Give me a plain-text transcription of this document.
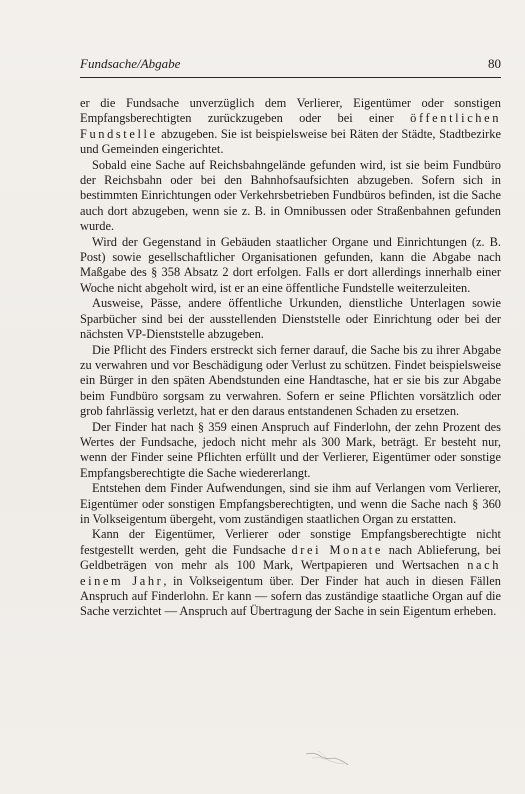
Fundsache/Abgabe	80

er die Fundsache unverzüglich dem Verlierer, Eigentümer oder sonstigen Empfangsberechtigten zurückzugeben oder bei einer öffentlichen Fundstelle abzugeben. Sie ist beispielsweise bei Räten der Städte, Stadtbezirke und Gemeinden eingerichtet.

Sobald eine Sache auf Reichsbahngelände gefunden wird, ist sie beim Fundbüro der Reichsbahn oder bei den Bahnhofsaufsichten abzugeben. Sofern sich in bestimmten Einrichtungen oder Verkehrsbetrieben Fundbüros befinden, ist die Sache auch dort abzugeben, wenn sie z. B. in Omnibussen oder Straßenbahnen gefunden wurde.

Wird der Gegenstand in Gebäuden staatlicher Organe und Einrichtungen (z. B. Post) sowie gesellschaftlicher Organisationen gefunden, kann die Abgabe nach Maßgabe des § 358 Absatz 2 dort erfolgen. Falls er dort allerdings innerhalb einer Woche nicht abgeholt wird, ist er an eine öffentliche Fundstelle weiterzuleiten.

Ausweise, Pässe, andere öffentliche Urkunden, dienstliche Unterlagen sowie Sparbücher sind bei der ausstellenden Dienststelle oder Einrichtung oder bei der nächsten VP-Dienststelle abzugeben.

Die Pflicht des Finders erstreckt sich ferner darauf, die Sache bis zu ihrer Abgabe zu verwahren und vor Beschädigung oder Verlust zu schützen. Findet beispielsweise ein Bürger in den späten Abendstunden eine Handtasche, hat er sie bis zur Abgabe beim Fundbüro sorgsam zu verwahren. Sofern er seine Pflichten vorsätzlich oder grob fahrlässig verletzt, hat er den daraus entstandenen Schaden zu ersetzen.

Der Finder hat nach § 359 einen Anspruch auf Finderlohn, der zehn Prozent des Wertes der Fundsache, jedoch nicht mehr als 300 Mark, beträgt. Er besteht nur, wenn der Finder seine Pflichten erfüllt und der Verlierer, Eigentümer oder sonstige Empfangsberechtigte die Sache wiedererlangt.

Entstehen dem Finder Aufwendungen, sind sie ihm auf Verlangen vom Verlierer, Eigentümer oder sonstigen Empfangsberechtigten, und wenn die Sache nach § 360 in Volkseigentum übergeht, vom zuständigen staatlichen Organ zu erstatten.

Kann der Eigentümer, Verlierer oder sonstige Empfangsberechtigte nicht festgestellt werden, geht die Fundsache drei Monate nach Ablieferung, bei Geldbeträgen von mehr als 100 Mark, Wertpapieren und Wertsachen nach einem Jahr, in Volkseigentum über. Der Finder hat auch in diesen Fällen Anspruch auf Finderlohn. Er kann — sofern das zuständige staatliche Organ auf die Sache verzichtet — Anspruch auf Übertragung der Sache in sein Eigentum erheben.
